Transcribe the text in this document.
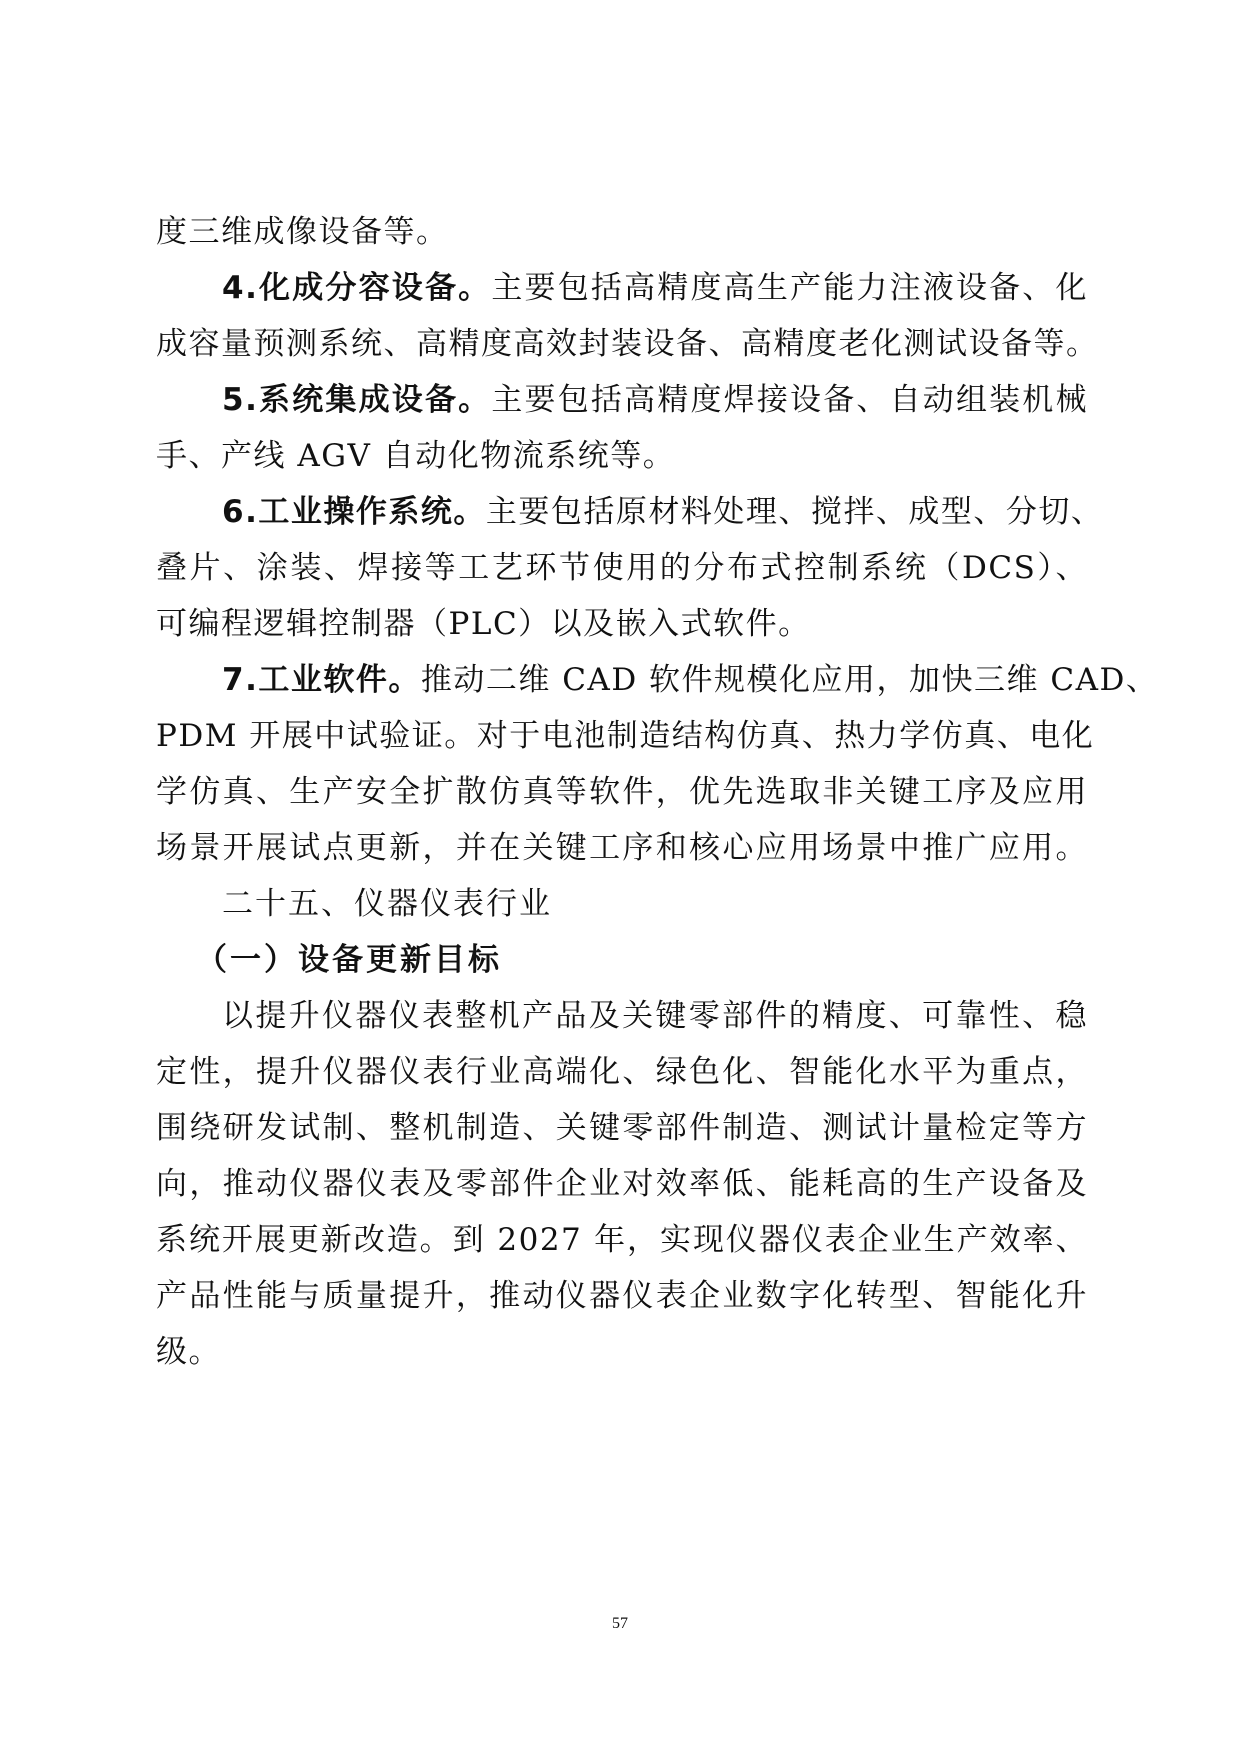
度三维成像设备等。
4.化成分容设备。主要包括高精度高生产能力注液设备、化
成容量预测系统、高精度高效封装设备、高精度老化测试设备等。
5.系统集成设备。主要包括高精度焊接设备、自动组装机械
手、产线 AGV 自动化物流系统等。
6.工业操作系统。主要包括原材料处理、搅拌、成型、分切、
叠片、涂装、焊接等工艺环节使用的分布式控制系统（DCS）、
可编程逻辑控制器（PLC）以及嵌入式软件。
7.工业软件。推动二维 CAD 软件规模化应用，加快三维 CAD、
PDM 开展中试验证。对于电池制造结构仿真、热力学仿真、电化
学仿真、生产安全扩散仿真等软件，优先选取非关键工序及应用
场景开展试点更新，并在关键工序和核心应用场景中推广应用。
二十五、仪器仪表行业
（一）设备更新目标
以提升仪器仪表整机产品及关键零部件的精度、可靠性、稳
定性，提升仪器仪表行业高端化、绿色化、智能化水平为重点，
围绕研发试制、整机制造、关键零部件制造、测试计量检定等方
向，推动仪器仪表及零部件企业对效率低、能耗高的生产设备及
系统开展更新改造。到 2027 年，实现仪器仪表企业生产效率、
产品性能与质量提升，推动仪器仪表企业数字化转型、智能化升
级。
57
